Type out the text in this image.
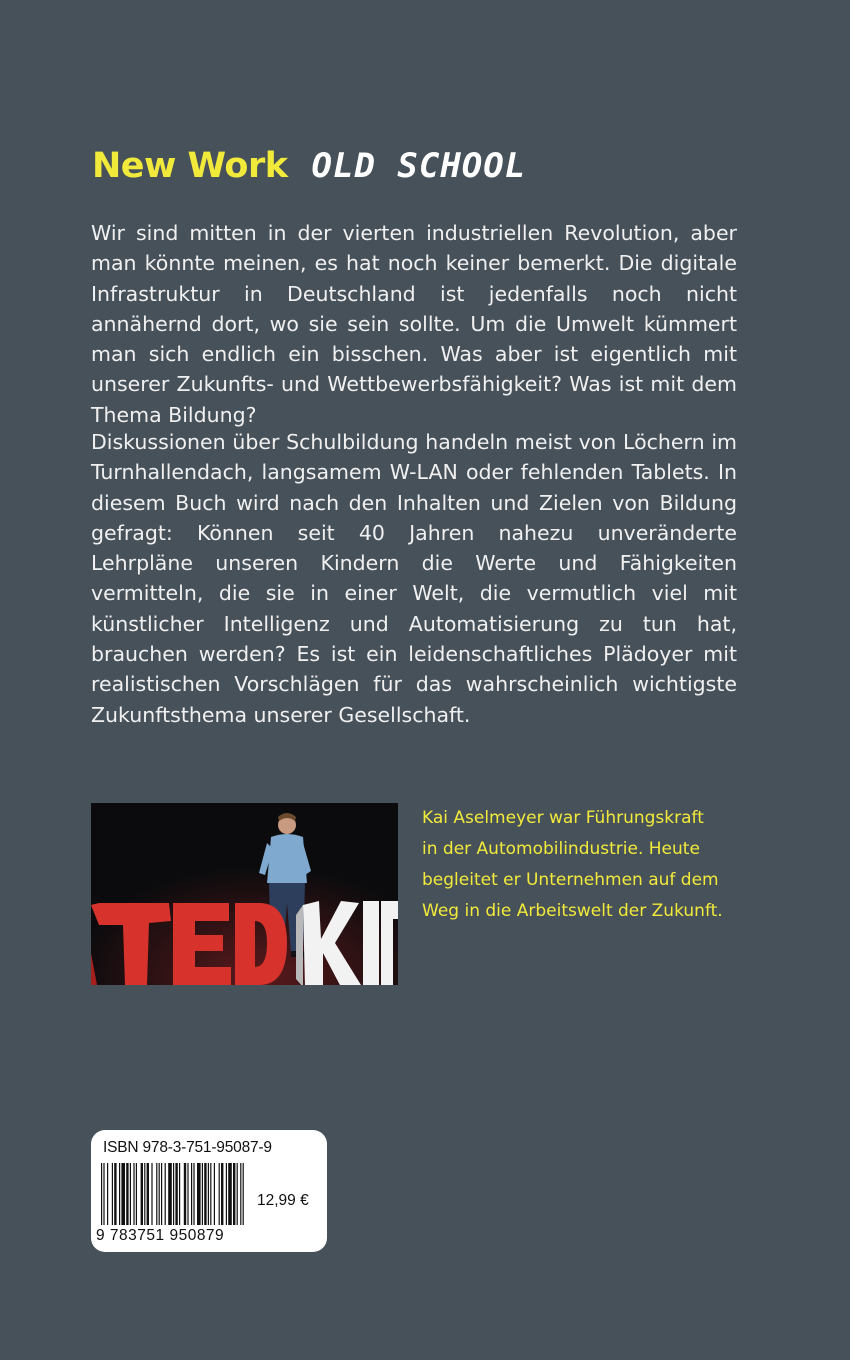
New Work OLD SCHOOL

Wir sind mitten in der vierten industriellen Revolution, aber man könnte meinen, es hat noch keiner bemerkt. Die digitale Infrastruktur in Deutschland ist jedenfalls noch nicht annähernd dort, wo sie sein sollte. Um die Umwelt kümmert man sich endlich ein bisschen. Was aber ist eigentlich mit unserer Zukunfts- und Wettbewerbsfähigkeit? Was ist mit dem Thema Bildung?

Diskussionen über Schulbildung handeln meist von Löchern im Turnhallendach, langsamem W-LAN oder fehlenden Tablets. In diesem Buch wird nach den Inhalten und Zielen von Bildung gefragt: Können seit 40 Jahren nahezu unveränderte Lehrpläne unseren Kindern die Werte und Fähigkeiten vermitteln, die sie in einer Welt, die vermutlich viel mit künstlicher Intelligenz und Automatisierung zu tun hat, brauchen werden? Es ist ein leidenschaftliches Plädoyer mit realistischen Vorschlägen für das wahrscheinlich wichtigste Zukunftsthema unserer Gesellschaft.

Kai Aselmeyer war Führungskraft
in der Automobilindustrie. Heute
begleitet er Unternehmen auf dem
Weg in die Arbeitswelt der Zukunft.
ISBN 978-3-751-95087-9
12,99 €
9 783751 950879
